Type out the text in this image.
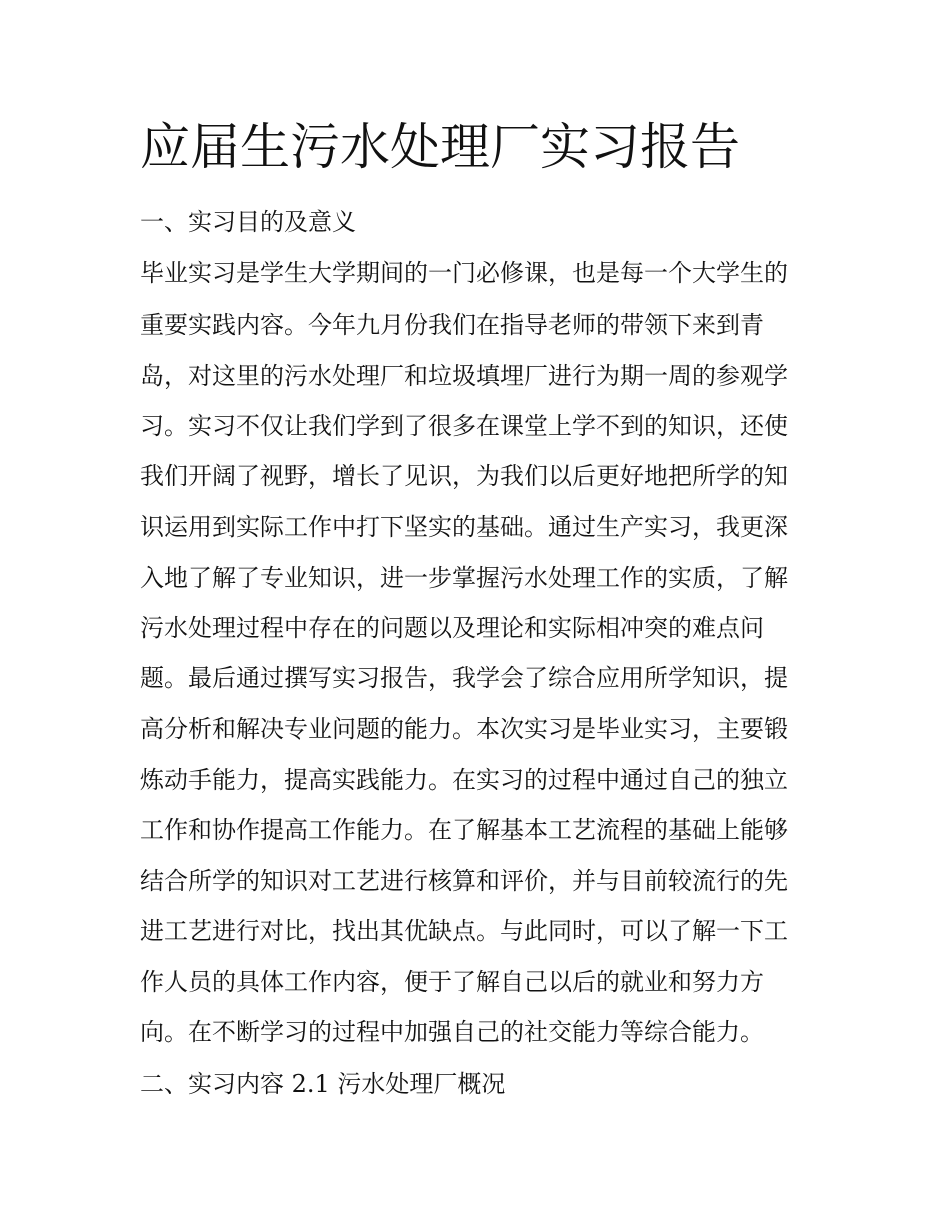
应届生污水处理厂实习报告

一、实习目的及意义

毕业实习是学生大学期间的一门必修课，也是每一个大学生的

重要实践内容。今年九月份我们在指导老师的带领下来到青

岛，对这里的污水处理厂和垃圾填埋厂进行为期一周的参观学

习。实习不仅让我们学到了很多在课堂上学不到的知识，还使

我们开阔了视野，增长了见识，为我们以后更好地把所学的知

识运用到实际工作中打下坚实的基础。通过生产实习，我更深

入地了解了专业知识，进一步掌握污水处理工作的实质，了解

污水处理过程中存在的问题以及理论和实际相冲突的难点问

题。最后通过撰写实习报告，我学会了综合应用所学知识，提

高分析和解决专业问题的能力。本次实习是毕业实习，主要锻

炼动手能力，提高实践能力。在实习的过程中通过自己的独立

工作和协作提高工作能力。在了解基本工艺流程的基础上能够

结合所学的知识对工艺进行核算和评价，并与目前较流行的先

进工艺进行对比，找出其优缺点。与此同时，可以了解一下工

作人员的具体工作内容，便于了解自己以后的就业和努力方

向。在不断学习的过程中加强自己的社交能力等综合能力。

二、实习内容 2.1 污水处理厂概况
